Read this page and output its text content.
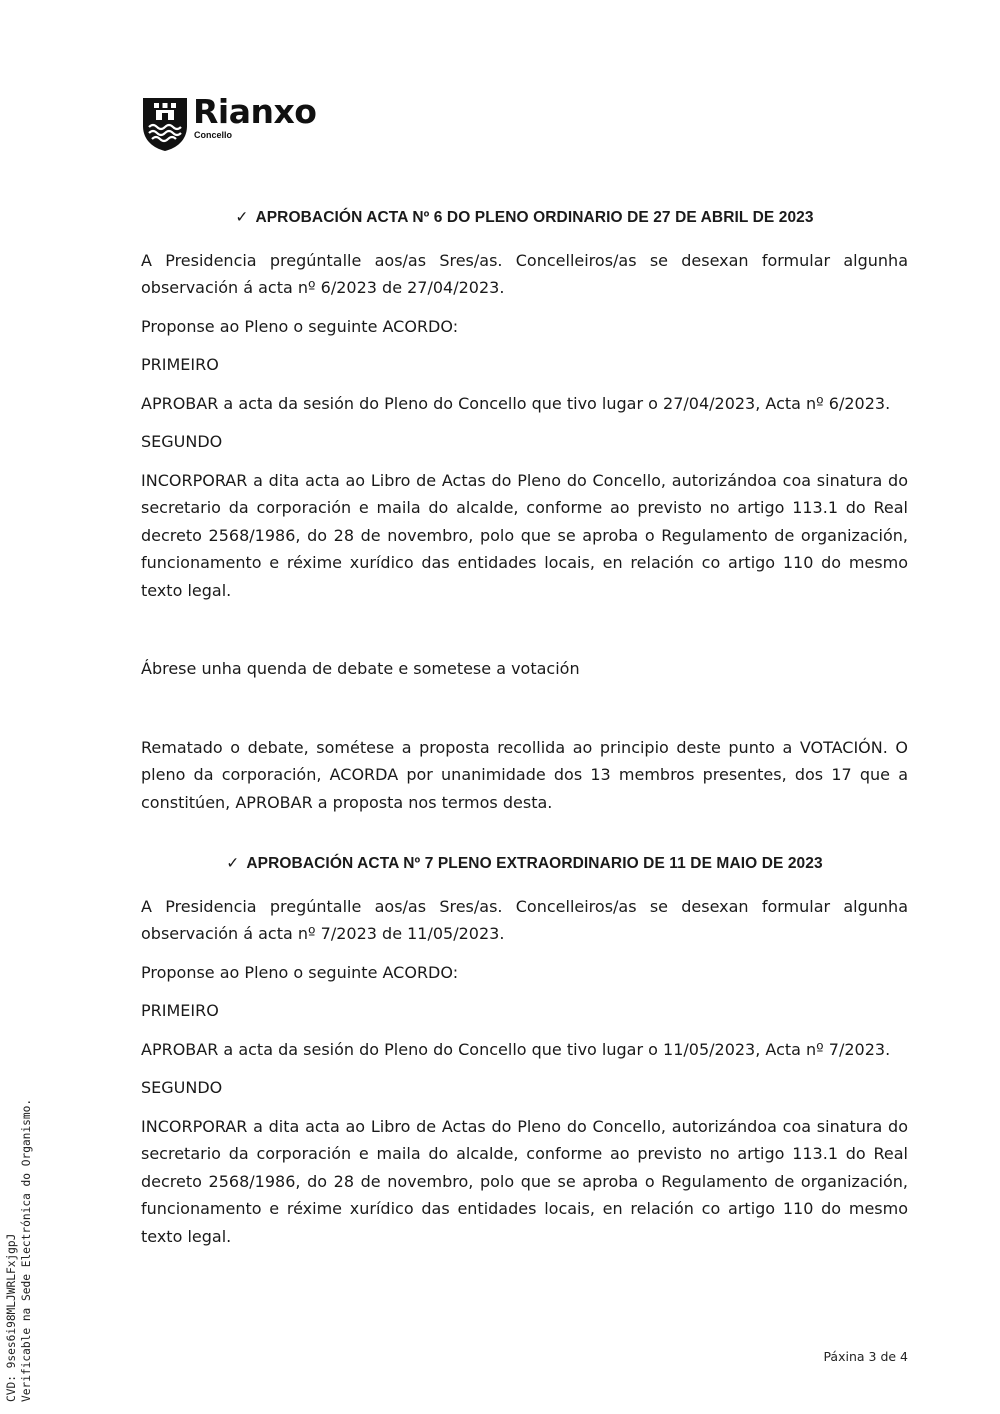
Rianxo
Concello
✓ APROBACIÓN ACTA Nº 6 DO PLENO ORDINARIO DE 27 DE ABRIL DE 2023

A Presidencia pregúntalle aos/as Sres/as. Concelleiros/as se desexan formular algunha observación á acta nº 6/2023 de 27/04/2023.

Proponse ao Pleno o seguinte ACORDO:

PRIMEIRO

APROBAR a acta da sesión do Pleno do Concello que tivo lugar o 27/04/2023, Acta nº 6/2023.

SEGUNDO

INCORPORAR a dita acta ao Libro de Actas do Pleno do Concello, autorizándoa coa sinatura do secretario da corporación e maila do alcalde, conforme ao previsto no artigo 113.1 do Real decreto 2568/1986, do 28 de novembro, polo que se aproba o Regulamento de organización, funcionamento e réxime xurídico das entidades locais, en relación co artigo 110 do mesmo texto legal.

Ábrese unha quenda de debate e sometese a votación

Rematado o debate, sométese a proposta recollida ao principio deste punto a VOTACIÓN. O pleno da corporación, ACORDA por unanimidade dos 13 membros presentes, dos 17 que a constitúen, APROBAR a proposta nos termos desta.

✓ APROBACIÓN ACTA Nº 7 PLENO EXTRAORDINARIO DE 11 DE MAIO DE 2023

A Presidencia pregúntalle aos/as Sres/as. Concelleiros/as se desexan formular algunha observación á acta nº 7/2023 de 11/05/2023.

Proponse ao Pleno o seguinte ACORDO:

PRIMEIRO

APROBAR a acta da sesión do Pleno do Concello que tivo lugar o 11/05/2023, Acta nº 7/2023.

SEGUNDO

INCORPORAR a dita acta ao Libro de Actas do Pleno do Concello, autorizándoa coa sinatura do secretario da corporación e maila do alcalde, conforme ao previsto no artigo 113.1 do Real decreto 2568/1986, do 28 de novembro, polo que se aproba o Regulamento de organización, funcionamento e réxime xurídico das entidades locais, en relación co artigo 110 do mesmo texto legal.

Páxina 3 de 4
CVD: 9ses6i98MLJWRLFxjgpJ Verificable na Sede Electrónica do Organismo.
